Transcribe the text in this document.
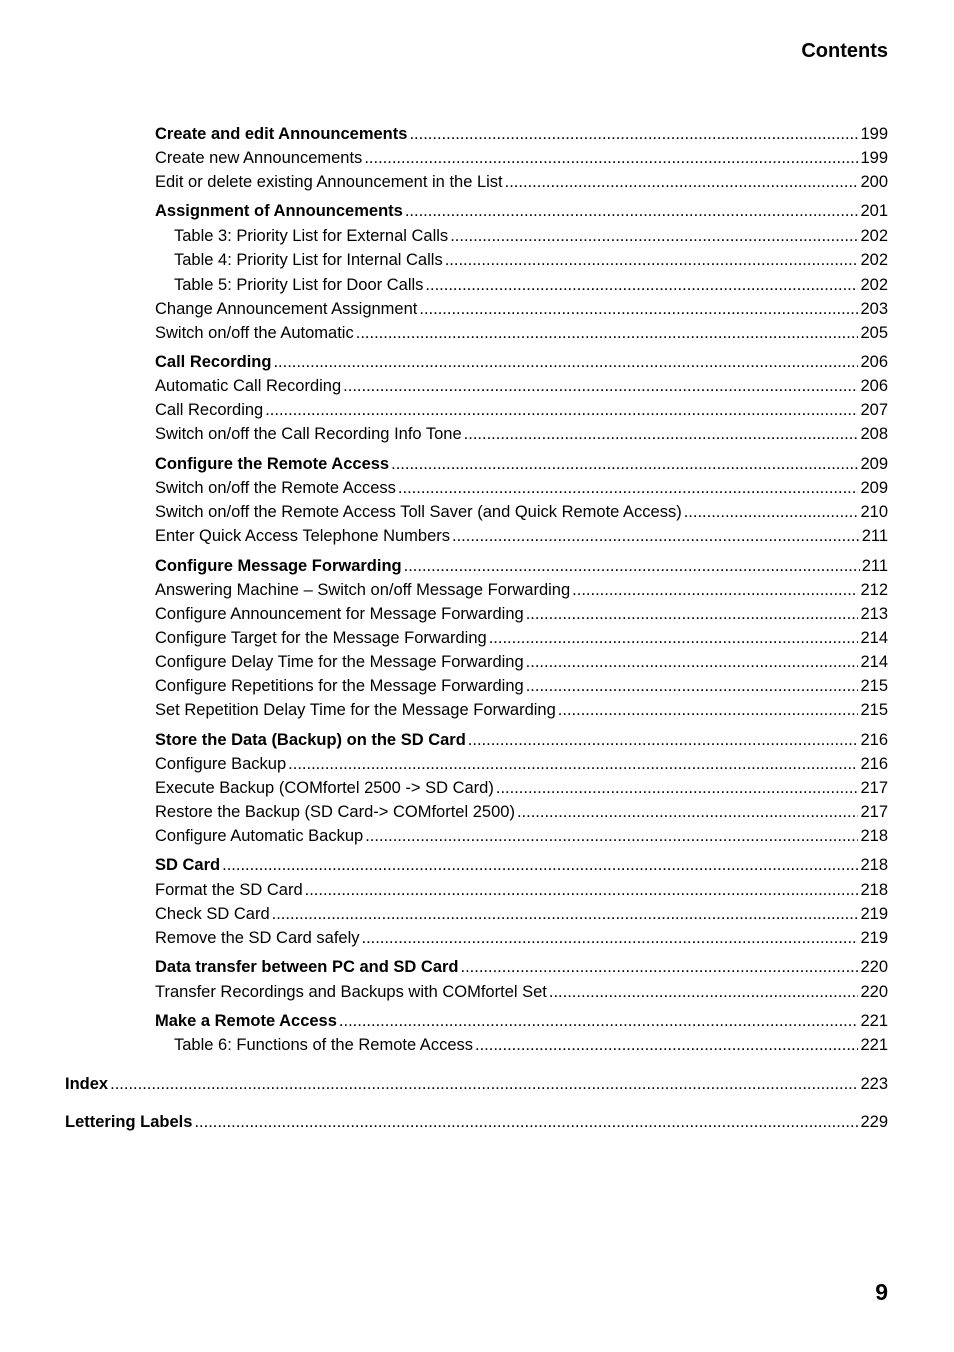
Contents
Create and edit Announcements .....	199
Create new Announcements .....	199
Edit or delete existing Announcement in the List .....	200
Assignment of Announcements .....	201
Table 3: Priority List for External Calls .....	202
Table 4: Priority List for Internal Calls .....	202
Table 5: Priority List for Door Calls .....	202
Change Announcement Assignment .....	203
Switch on/off the Automatic .....	205
Call Recording .....	206
Automatic Call Recording .....	206
Call Recording .....	207
Switch on/off the Call Recording Info Tone .....	208
Configure the Remote Access .....	209
Switch on/off the Remote Access .....	209
Switch on/off the Remote Access Toll Saver (and Quick Remote Access) .....	210
Enter Quick Access Telephone Numbers .....	211
Configure Message Forwarding .....	211
Answering Machine – Switch on/off Message Forwarding .....	212
Configure Announcement for Message Forwarding .....	213
Configure Target for the Message Forwarding .....	214
Configure Delay Time for the Message Forwarding .....	214
Configure Repetitions for the Message Forwarding .....	215
Set Repetition Delay Time for the Message Forwarding .....	215
Store the Data (Backup) on the SD Card .....	216
Configure Backup .....	216
Execute Backup (COMfortel 2500 -> SD Card) .....	217
Restore the Backup (SD Card-> COMfortel 2500) .....	217
Configure Automatic Backup .....	218
SD Card .....	218
Format the SD Card .....	218
Check SD Card .....	219
Remove the SD Card safely .....	219
Data transfer between PC and SD Card .....	220
Transfer Recordings and Backups with COMfortel Set .....	220
Make a Remote Access .....	221
Table 6: Functions of the Remote Access .....	221
Index .....	223
Lettering Labels .....	229
9
